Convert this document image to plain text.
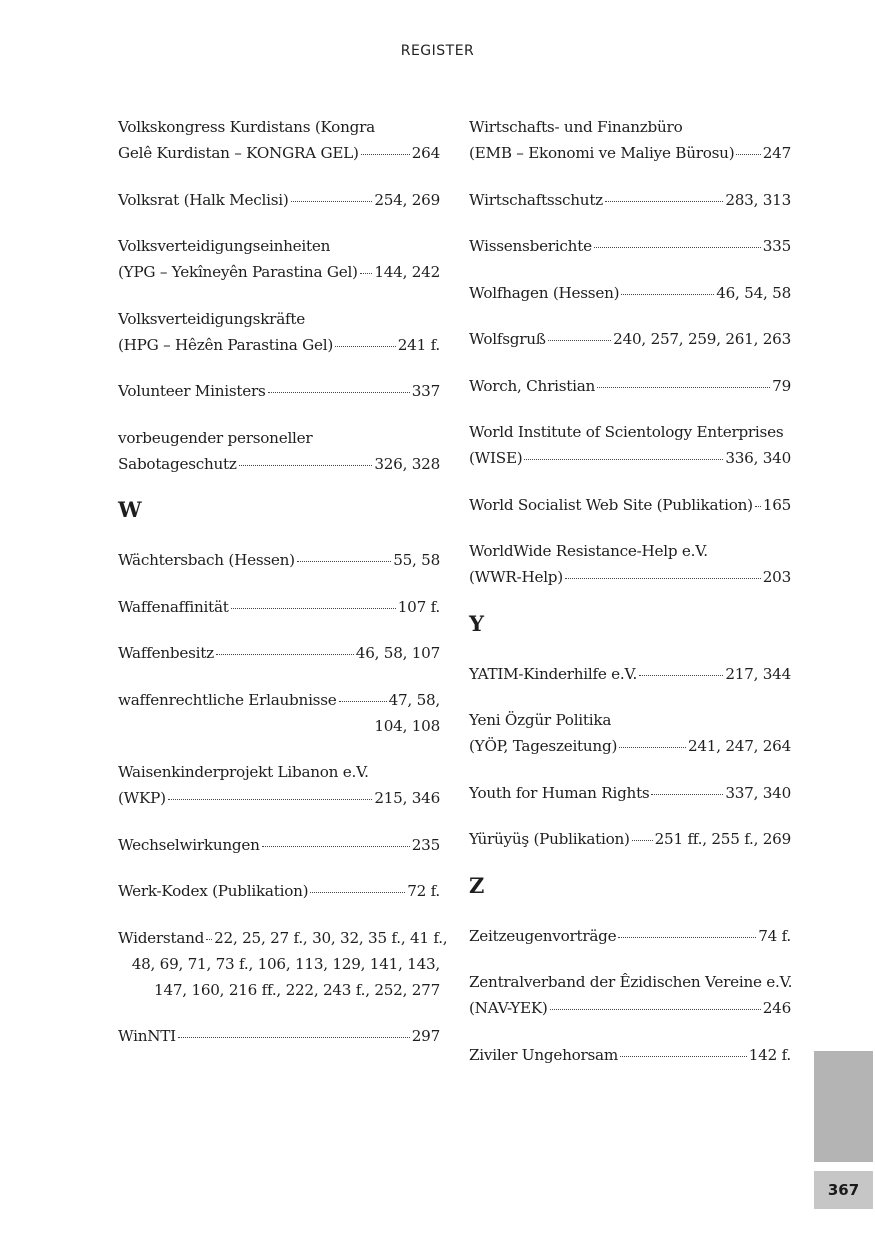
REGISTER
Volkskongress Kurdistans (Kongra
Gelê Kurdistan – KONGRA GEL)	264
Volksrat (Halk Meclisi)	254, 269
Volksverteidigungseinheiten
(YPG – Yekîneyên Parastina Gel) 144, 242
Volksverteidigungskräfte
(HPG – Hêzên Parastina Gel)	241 f.
Volunteer Ministers	337
vorbeugender personeller
Sabotageschutz	326, 328
W
Wächtersbach (Hessen)	55, 58
Waffenaffinität	107 f.
Waffenbesitz	46, 58, 107
waffenrechtliche Erlaubnisse	47, 58,
104, 108
Waisenkinderprojekt Libanon e.V.
(WKP)	215, 346
Wechselwirkungen	235
Werk-Kodex (Publikation)	72 f.
Widerstand 22, 25, 27 f., 30, 32, 35 f., 41 f.,
48, 69, 71, 73 f., 106, 113, 129, 141, 143,
147, 160, 216 ff., 222, 243 f., 252, 277
WinNTI	297
Wirtschafts- und Finanzbüro
(EMB – Ekonomi ve Maliye Bürosu) 247
Wirtschaftsschutz	283, 313
Wissensberichte	335
Wolfhagen (Hessen)	46, 54, 58
Wolfsgruß	240, 257, 259, 261, 263
Worch, Christian	79
World Institute of Scientology Enterprises
(WISE)	336, 340
World Socialist Web Site (Publikation) 165
WorldWide Resistance-Help e.V.
(WWR-Help)	203
Y
YATIM-Kinderhilfe e.V.	217, 344
Yeni Özgür Politika
(YÖP, Tageszeitung)	241, 247, 264
Youth for Human Rights	337, 340
Yürüyüş (Publikation) 251 ff., 255 f., 269
Z
Zeitzeugenvorträge	74 f.
Zentralverband der Êzidischen Vereine e.V.
(NAV-YEK)	246
Ziviler Ungehorsam	142 f.
367
